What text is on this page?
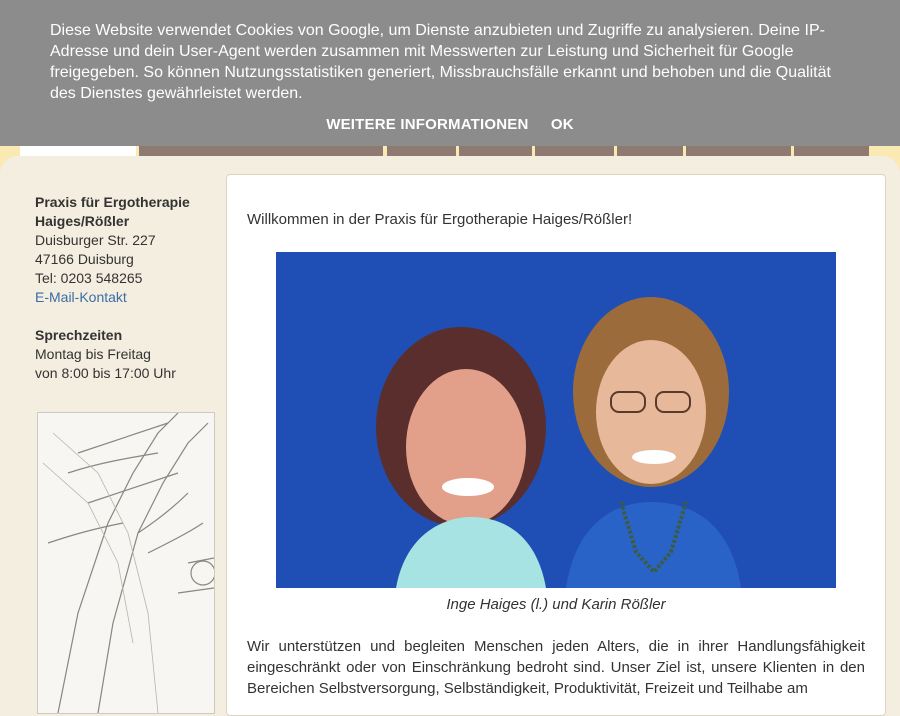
Diese Website verwendet Cookies von Google, um Dienste anzubieten und Zugriffe zu analysieren. Deine IP-Adresse und dein User-Agent werden zusammen mit Messwerten zur Leistung und Sicherheit für Google freigegeben. So können Nutzungsstatistiken generiert, Missbrauchsfälle erkannt und behoben und die Qualität des Dienstes gewährleistet werden.
WEITERE INFORMATIONEN OK
Praxis für Ergotherapie Haiges/Rößler
Duisburger Str. 227
47166 Duisburg
Tel: 0203 548265
E-Mail-Kontakt
Sprechzeiten
Montag bis Freitag
von 8:00 bis 17:00 Uhr
Willkommen in der Praxis für Ergotherapie Haiges/Rößler!
Inge Haiges (l.) und Karin Rößler
Wir unterstützen und begleiten Menschen jeden Alters, die in ihrer Handlungsfähigkeit eingeschränkt oder von Einschränkung bedroht sind. Unser Ziel ist, unsere Klienten in den Bereichen Selbstversorgung, Selbständigkeit, Produktivität, Freizeit und Teilhabe am
